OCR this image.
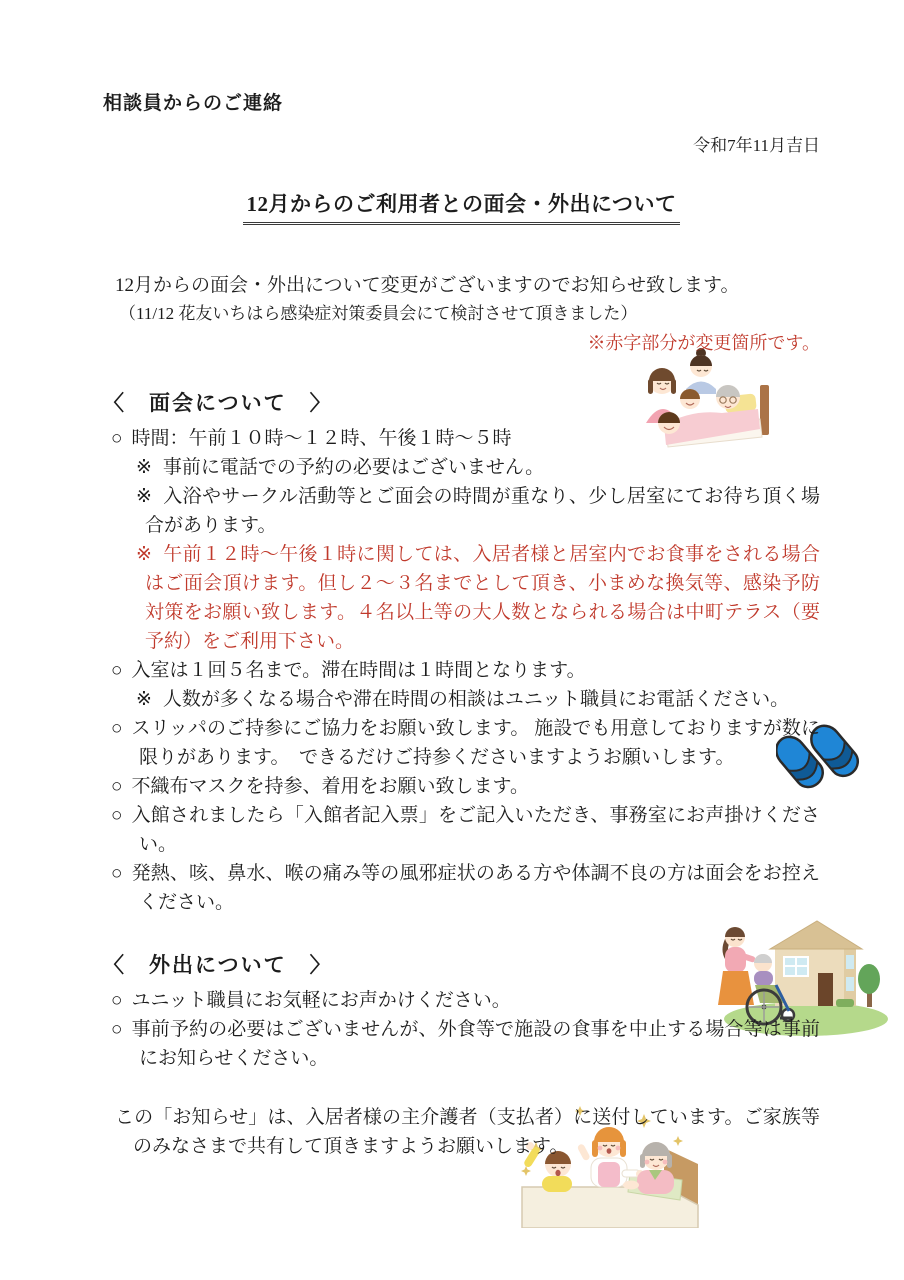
相談員からのご連絡
令和7年11月吉日
12月からのご利用者との面会・外出について

12月からの面会・外出について変更がございますのでお知らせ致します。

（11/12 花友いちはら感染症対策委員会にて検討させて頂きました）

※赤字部分が変更箇所です。

〈　面会について　〉
○ 時間：午前１０時～１２時、午後１時～５時
※ 事前に電話での予約の必要はございません。
※ 入浴やサークル活動等とご面会の時間が重なり、少し居室にてお待ち頂く場合があります。
※ 午前１２時～午後１時に関しては、入居者様と居室内でお食事をされる場合はご面会頂けます。但し２～３名までとして頂き、小まめな換気等、感染予防対策をお願い致します。４名以上等の大人数となられる場合は中町テラス（要予約）をご利用下さい。
○ 入室は１回５名まで。滞在時間は１時間となります。
※ 人数が多くなる場合や滞在時間の相談はユニット職員にお電話ください。
○ スリッパのご持参にご協力をお願い致します。 施設でも用意しておりますが数に限りがあります。　できるだけご持参くださいますようお願いします。
○ 不織布マスクを持参、着用をお願い致します。
○ 入館されましたら「入館者記入票」をご記入いただき、事務室にお声掛けください。
○ 発熱、咳、鼻水、喉の痛み等の風邪症状のある方や体調不良の方は面会をお控えください。
〈　外出について　〉
○ ユニット職員にお気軽にお声かけください。
○ 事前予約の必要はございませんが、外食等で施設の食事を中止する場合等は事前にお知らせください。

この「お知らせ」は、入居者様の主介護者（支払者）に送付しています。ご家族等のみなさまで共有して頂きますようお願いします。
